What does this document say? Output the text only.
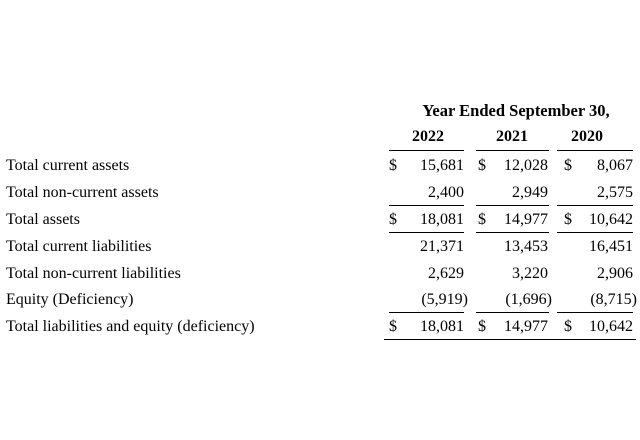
Year Ended September 30,
2022	2021	2020
Total current assets	$ 15,681 $ 12,028 $ 8,067
Total non-current assets	2,400	2,949	2,575
Total assets	$ 18,081 $ 14,977 $ 10,642
Total current liabilities	21,371	13,453	16,451
Total non-current liabilities	2,629	3,220	2,906
Equity (Deficiency)	(5,919) (1,696) (8,715)
Total liabilities and equity (deficiency)	$ 18,081 $ 14,977 $ 10,642
